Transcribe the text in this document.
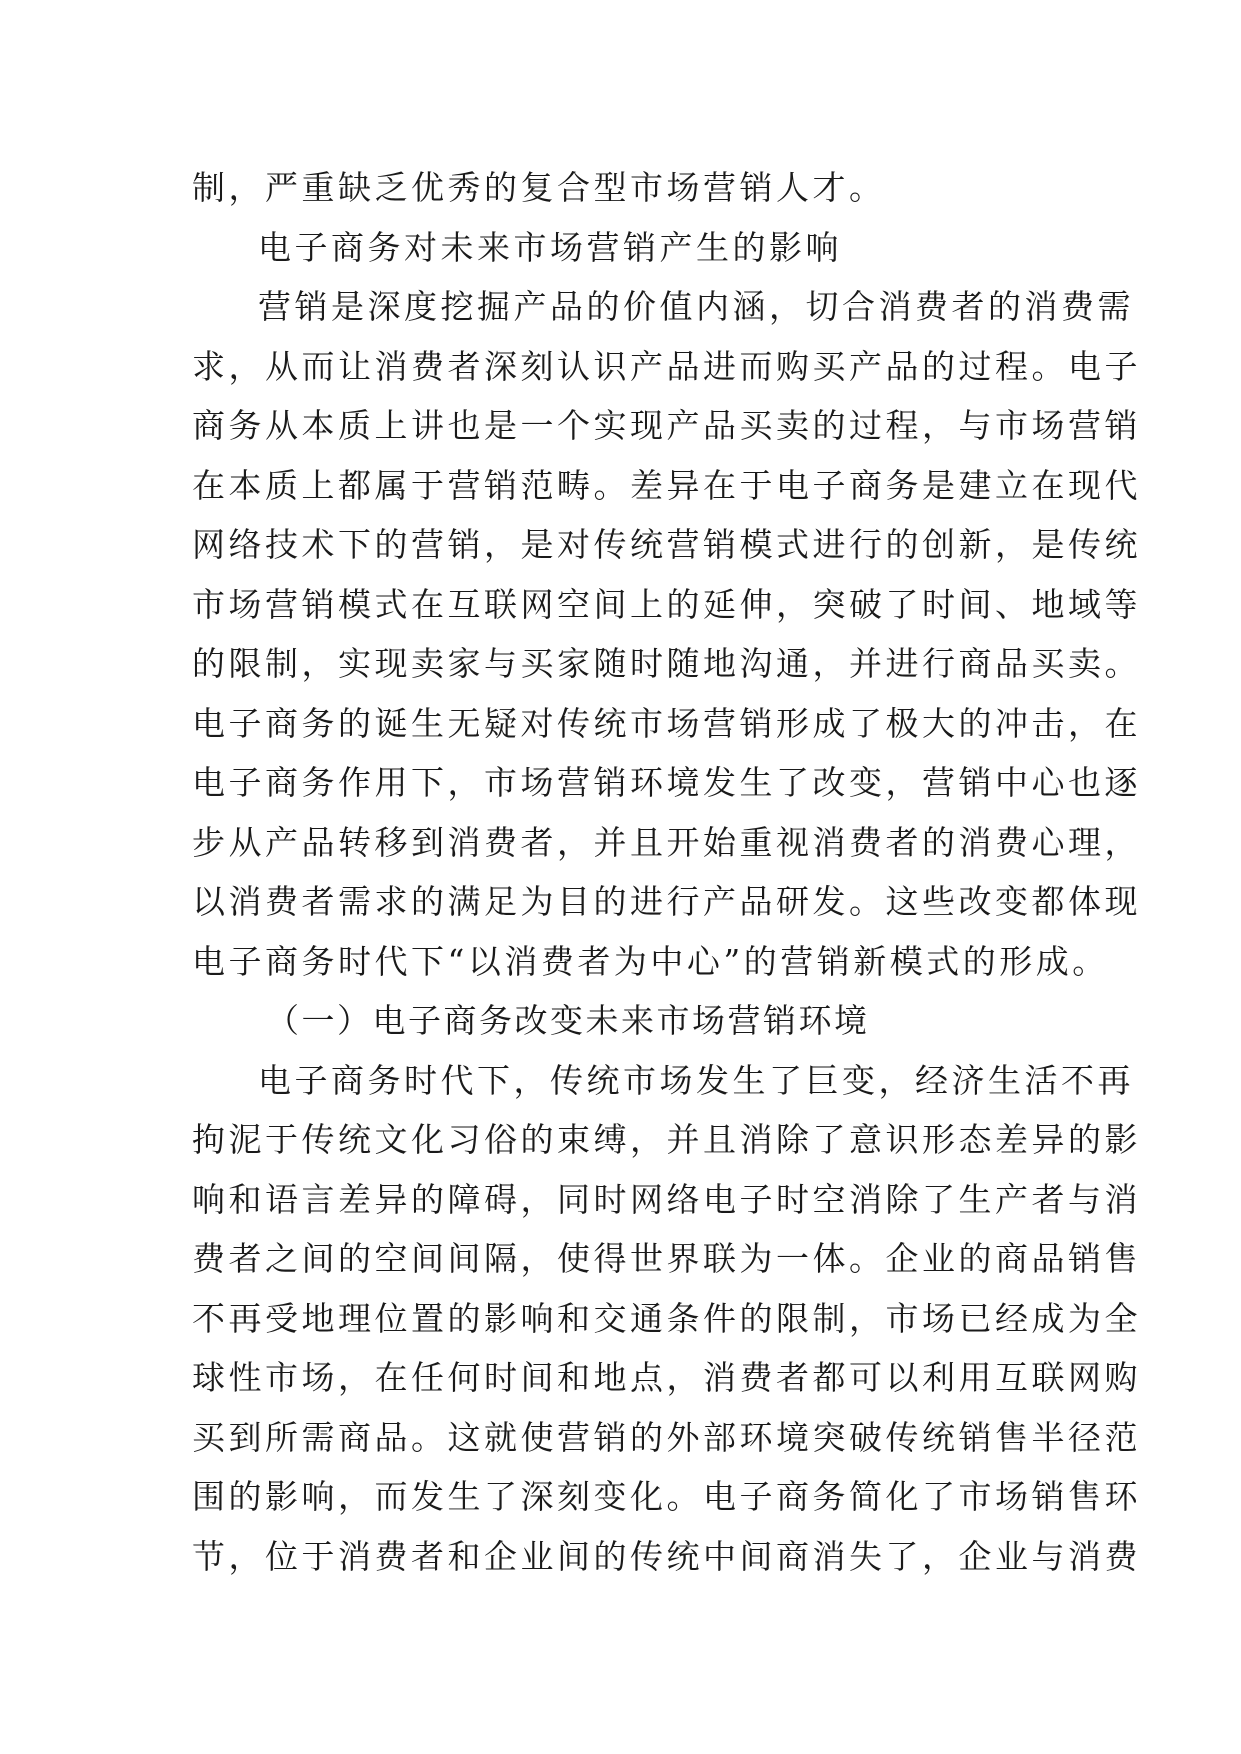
制，严重缺乏优秀的复合型市场营销人才。
电子商务对未来市场营销产生的影响
营销是深度挖掘产品的价值内涵，切合消费者的消费需
求，从而让消费者深刻认识产品进而购买产品的过程。电子
商务从本质上讲也是一个实现产品买卖的过程，与市场营销
在本质上都属于营销范畴。差异在于电子商务是建立在现代
网络技术下的营销，是对传统营销模式进行的创新，是传统
市场营销模式在互联网空间上的延伸，突破了时间、地域等
的限制，实现卖家与买家随时随地沟通，并进行商品买卖。
电子商务的诞生无疑对传统市场营销形成了极大的冲击，在
电子商务作用下，市场营销环境发生了改变，营销中心也逐
步从产品转移到消费者，并且开始重视消费者的消费心理，
以消费者需求的满足为目的进行产品研发。这些改变都体现
电子商务时代下“以消费者为中心”的营销新模式的形成。
（一）电子商务改变未来市场营销环境
电子商务时代下，传统市场发生了巨变，经济生活不再
拘泥于传统文化习俗的束缚，并且消除了意识形态差异的影
响和语言差异的障碍，同时网络电子时空消除了生产者与消
费者之间的空间间隔，使得世界联为一体。企业的商品销售
不再受地理位置的影响和交通条件的限制，市场已经成为全
球性市场，在任何时间和地点，消费者都可以利用互联网购
买到所需商品。这就使营销的外部环境突破传统销售半径范
围的影响，而发生了深刻变化。电子商务简化了市场销售环
节，位于消费者和企业间的传统中间商消失了，企业与消费
